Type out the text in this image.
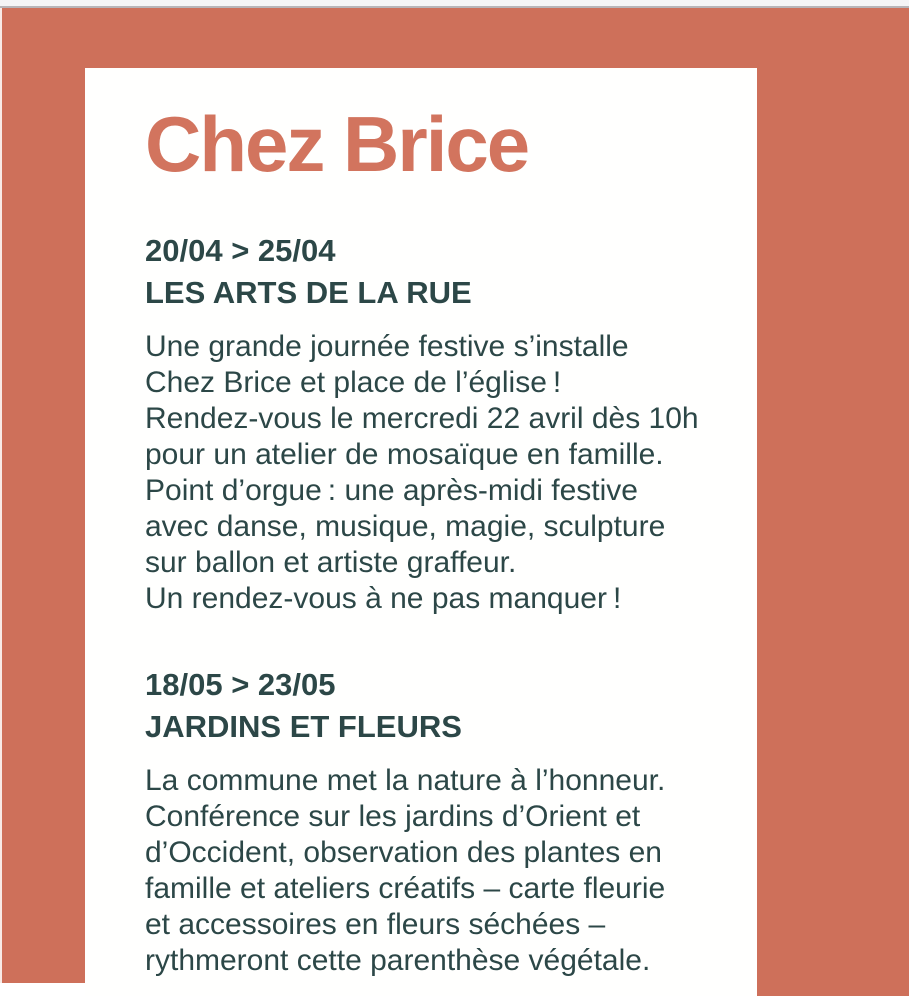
Chez Brice
20/04 > 25/04
LES ARTS DE LA RUE
Une grande journée festive s’installe
Chez Brice et place de l’église !
Rendez-vous le mercredi 22 avril dès 10h
pour un atelier de mosaïque en famille.
Point d’orgue : une après-midi festive
avec danse, musique, magie, sculpture
sur ballon et artiste graffeur.
Un rendez-vous à ne pas manquer !
18/05 > 23/05
JARDINS ET FLEURS
La commune met la nature à l’honneur.
Conférence sur les jardins d’Orient et
d’Occident, observation des plantes en
famille et ateliers créatifs – carte fleurie
et accessoires en fleurs séchées –
rythmeront cette parenthèse végétale.
